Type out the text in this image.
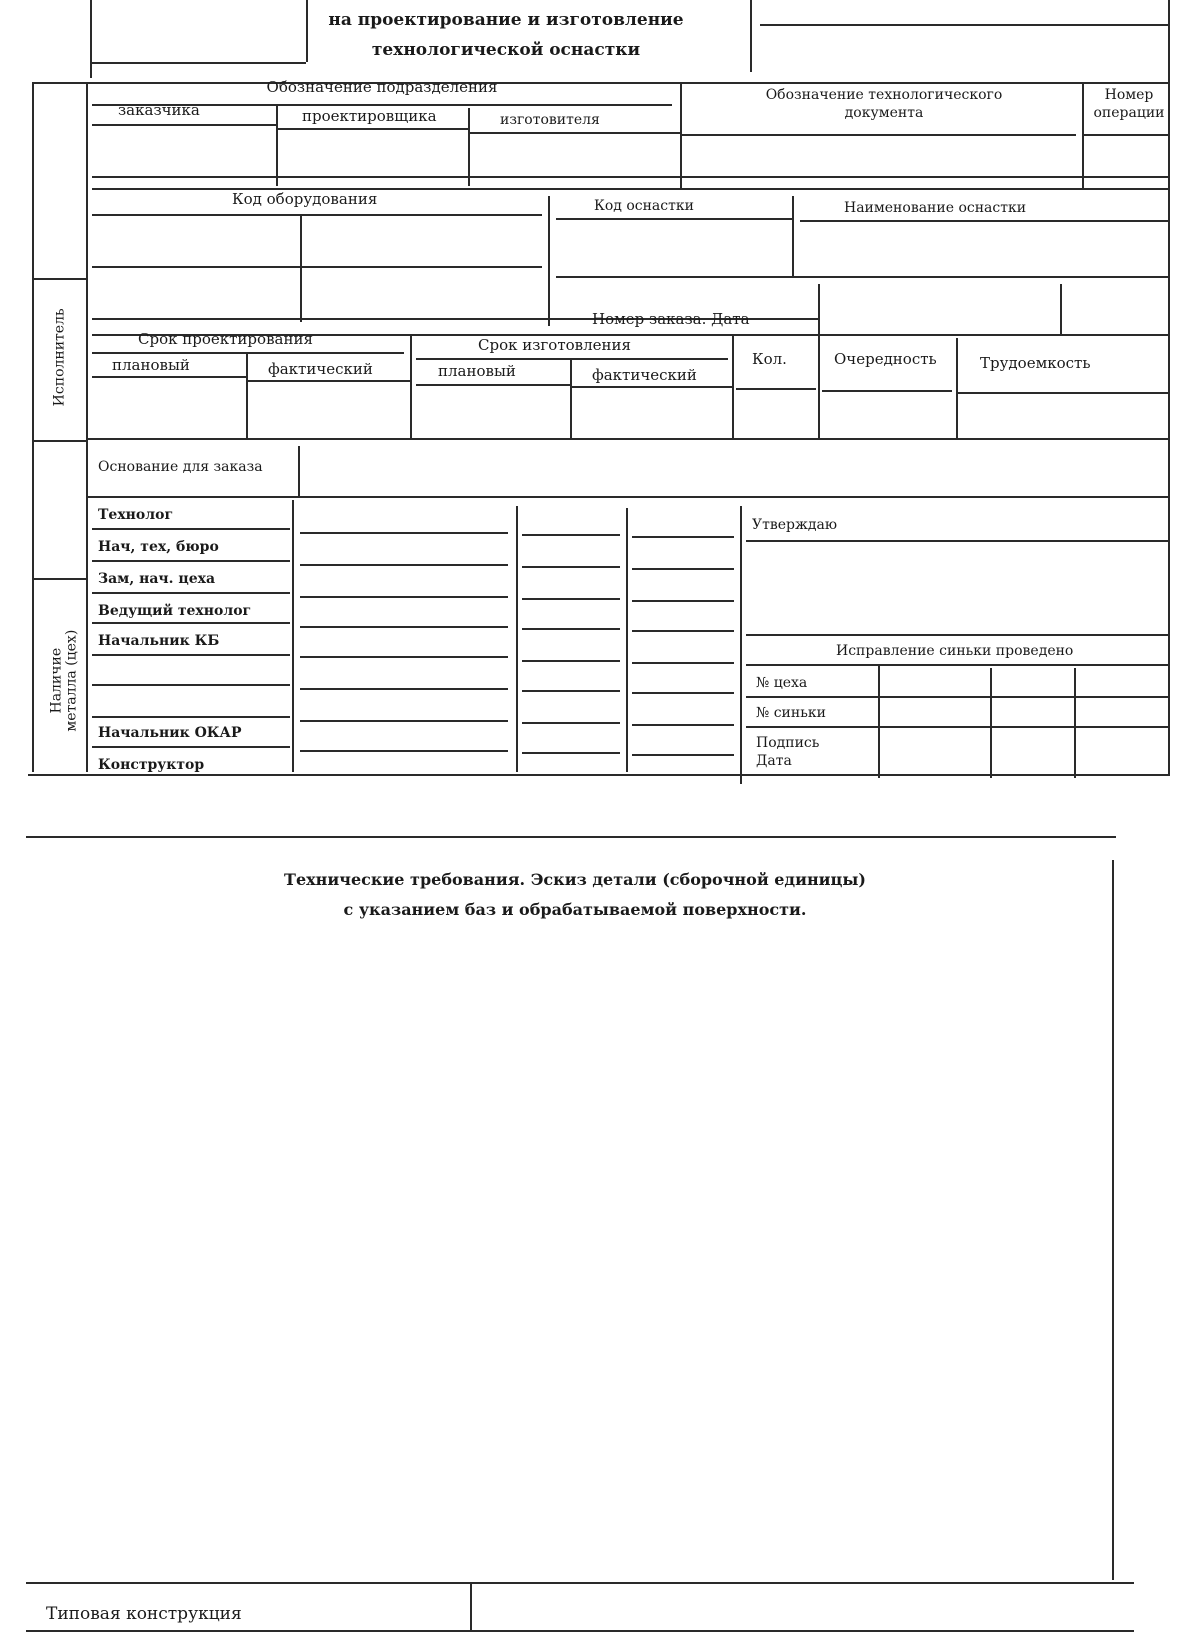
на проектирование и изготовление
технологической оснастки
Исполнитель
Наличие
металла (цех)
Обозначение подразделения
заказчика	проектировщика	изготовителя
Обозначение технологического
документа
Номер
операции
Код оборудования	Код оснастки	Наименование оснастки
Номер заказа. Дата
Срок проектирования
плановый	фактический
Срок изготовления
плановый	фактический
Кол.	Очередность	Трудоемкость
Основание для заказа
Технолог
Нач, тех, бюро
Зам, нач. цеха
Ведущий технолог
Начальник КБ
Начальник ОКАР
Конструктор
Утверждаю
Исправление синьки проведено
№ цеха
№ синьки
Подпись
Дата
Технические требования. Эскиз детали (сборочной единицы)
с указанием баз и обрабатываемой поверхности.
Типовая конструкция
